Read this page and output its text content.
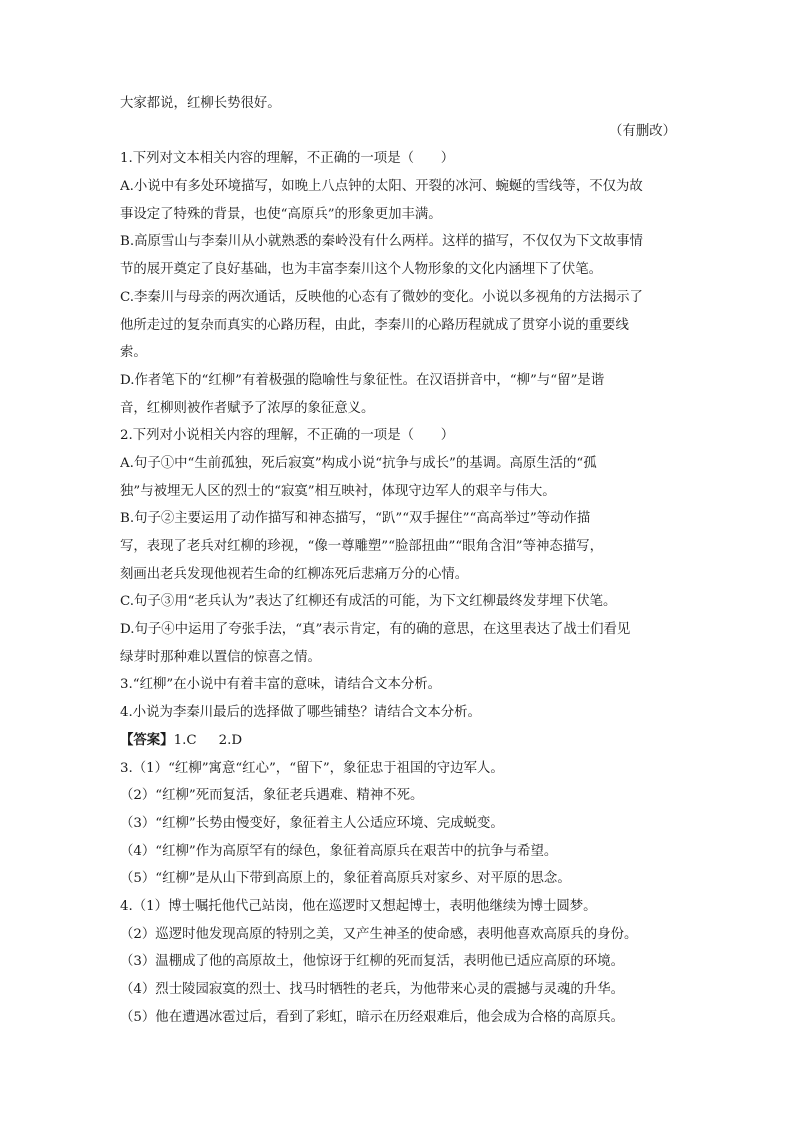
大家都说，红柳长势很好。
（有删改）
1.下列对文本相关内容的理解，不正确的一项是（　　）
A.小说中有多处环境描写，如晚上八点钟的太阳、开裂的冰河、蜿蜒的雪线等，不仅为故
事设定了特殊的背景，也使“高原兵”的形象更加丰满。
B.高原雪山与李秦川从小就熟悉的秦岭没有什么两样。这样的描写，不仅仅为下文故事情
节的展开奠定了良好基础，也为丰富李秦川这个人物形象的文化内涵埋下了伏笔。
C.李秦川与母亲的两次通话，反映他的心态有了微妙的变化。小说以多视角的方法揭示了
他所走过的复杂而真实的心路历程，由此，李秦川的心路历程就成了贯穿小说的重要线
索。
D.作者笔下的“红柳”有着极强的隐喻性与象征性。在汉语拼音中，“柳”与“留”是谐
音，红柳则被作者赋予了浓厚的象征意义。
2.下列对小说相关内容的理解，不正确的一项是（　　）
A.句子①中“生前孤独，死后寂寞”构成小说“抗争与成长”的基调。高原生活的“孤
独”与被埋无人区的烈士的“寂寞”相互映衬，体现守边军人的艰辛与伟大。
B.句子②主要运用了动作描写和神态描写，“趴”“双手握住”“高高举过”等动作描
写，表现了老兵对红柳的珍视，“像一尊雕塑”“脸部扭曲”“眼角含泪”等神态描写，
刻画出老兵发现他视若生命的红柳冻死后悲痛万分的心情。
C.句子③用“老兵认为”表达了红柳还有成活的可能，为下文红柳最终发芽埋下伏笔。
D.句子④中运用了夸张手法，“真”表示肯定，有的确的意思，在这里表达了战士们看见
绿芽时那种难以置信的惊喜之情。
3.“红柳”在小说中有着丰富的意味，请结合文本分析。
4.小说为李秦川最后的选择做了哪些铺垫？请结合文本分析。
【答案】1.C 2.D
3.（1）“红柳”寓意“红心”，“留下”，象征忠于祖国的守边军人。
（2）“红柳”死而复活，象征老兵遇难、精神不死。
（3）“红柳”长势由慢变好，象征着主人公适应环境、完成蜕变。
（4）“红柳”作为高原罕有的绿色，象征着高原兵在艰苦中的抗争与希望。
（5）“红柳”是从山下带到高原上的，象征着高原兵对家乡、对平原的思念。
4.（1）博士嘱托他代己站岗，他在巡逻时又想起博士，表明他继续为博士圆梦。
（2）巡逻时他发现高原的特别之美，又产生神圣的使命感，表明他喜欢高原兵的身份。
（3）温棚成了他的高原故土，他惊讶于红柳的死而复活，表明他已适应高原的环境。
（4）烈士陵园寂寞的烈士、找马时牺牲的老兵，为他带来心灵的震撼与灵魂的升华。
（5）他在遭遇冰雹过后，看到了彩虹，暗示在历经艰难后，他会成为合格的高原兵。
